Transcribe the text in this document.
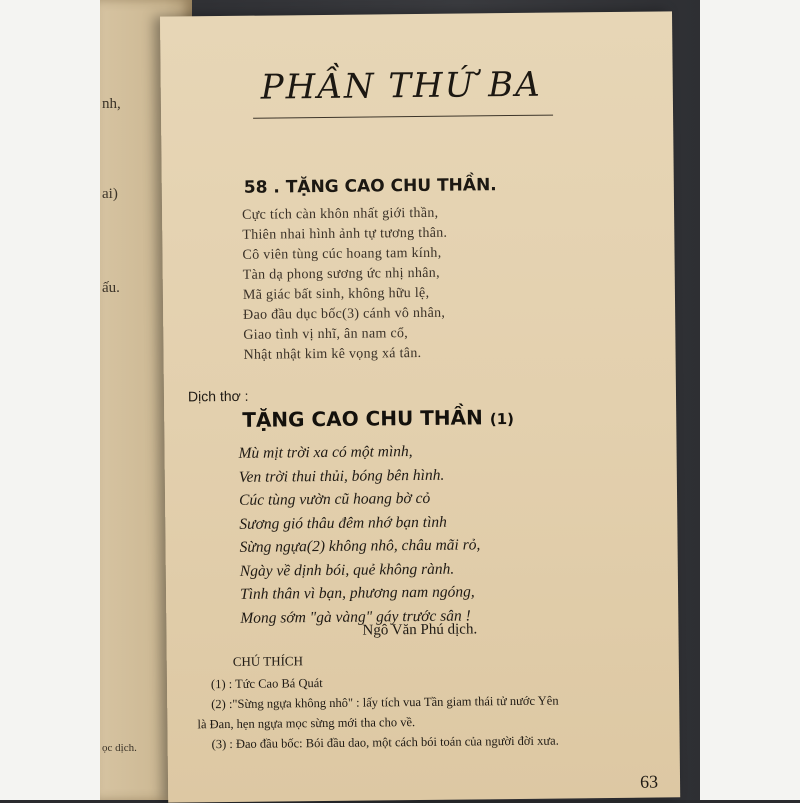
nh,
ai)
ấu.
ọc dịch.
PHẦN THỨ BA
58 . TẶNG CAO CHU THẦN.
Cực tích càn khôn nhất giới thần,
Thiên nhai hình ảnh tự tương thân.
Cô viên tùng cúc hoang tam kính,
Tàn dạ phong sương ức nhị nhân,
Mã giác bất sinh, không hữu lệ,
Đao đầu dục bốc(3) cánh vô nhân,
Giao tình vị nhĩ, ân nam cổ,
Nhật nhật kim kê vọng xá tân.
Dịch thơ :
TẶNG CAO CHU THẦN (1)
Mù mịt trời xa có một mình,
Ven trời thui thủi, bóng bên hình.
Cúc tùng vườn cũ hoang bờ cỏ
Sương gió thâu đêm nhớ bạn tình
Sừng ngựa(2) không nhô, châu mãi rỏ,
Ngày về dịnh bói, quẻ không rành.
Tình thân vì bạn, phương nam ngóng,
Mong sớm "gà vàng" gáy trước sân !
Ngô Văn Phú dịch.
CHÚ THÍCH
(1) : Tức Cao Bá Quát
(2) :"Sừng ngựa không nhô" : lấy tích vua Tần giam thái tử nước Yên
là Đan, hẹn ngựa mọc sừng mới tha cho về.
(3) : Đao đầu bốc: Bói đầu dao, một cách bói toán của người đời xưa.
63
